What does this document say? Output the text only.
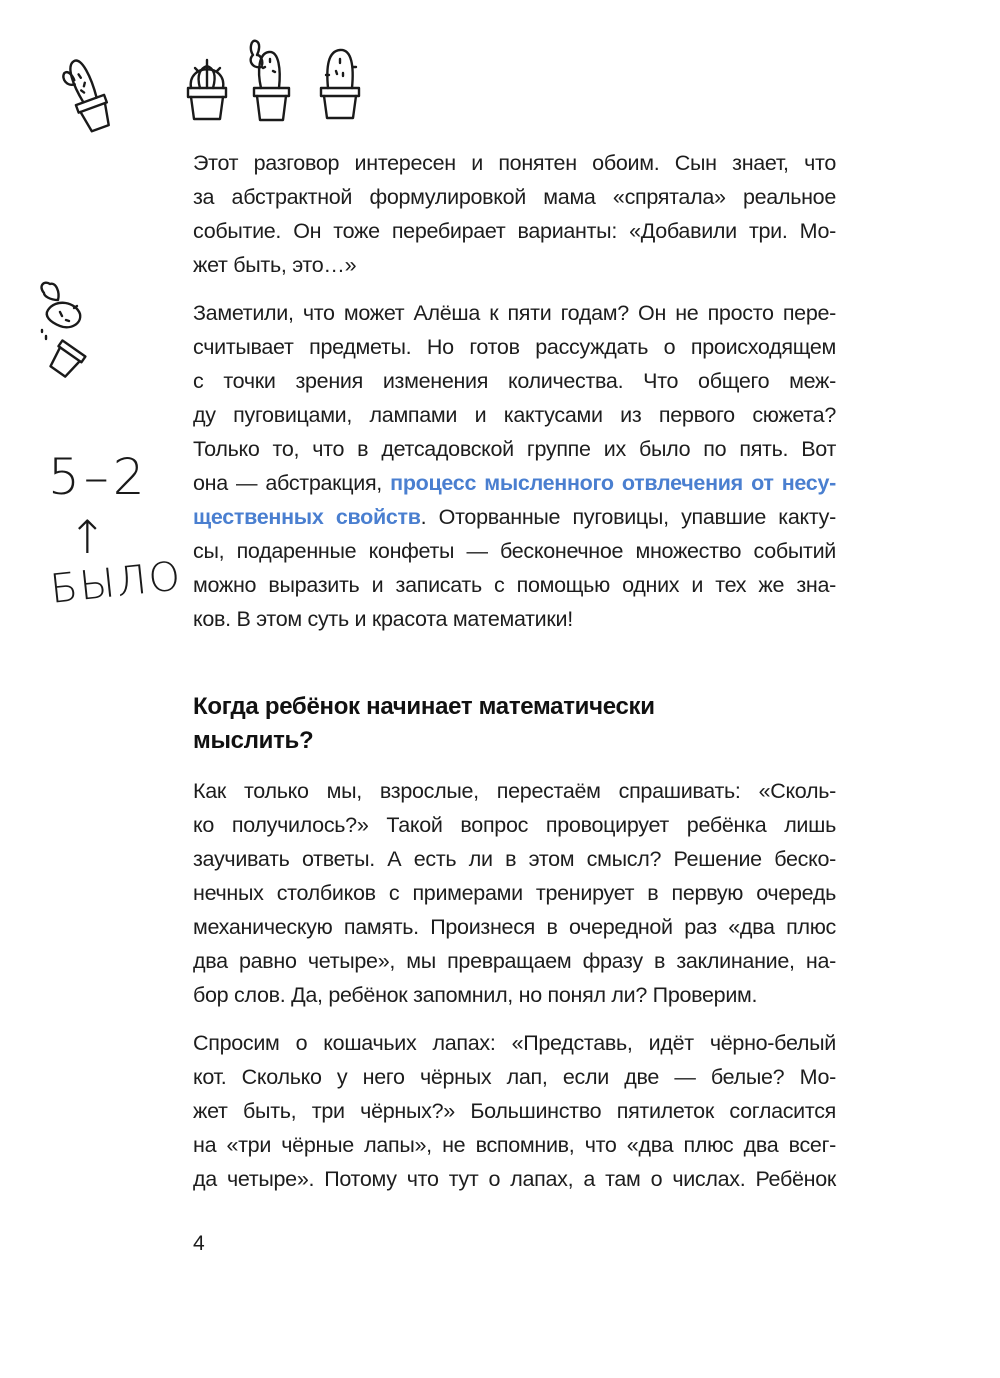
5–2
↑
БЫЛО

Этот разговор интересен и понятен обоим. Сын знает, что
за абстрактной формулировкой мама «спрятала» реальное
событие. Он тоже перебирает варианты: «Добавили три. Мо-
жет быть, это…»

Заметили, что может Алёша к пяти годам? Он не просто пере-
считывает предметы. Но готов рассуждать о происходящем
с точки зрения изменения количества. Что общего меж-
ду пуговицами, лампами и кактусами из первого сюжета?
Только то, что в детсадовской группе их было по пять. Вот
она — абстракция, процесс мысленного отвлечения от несу-
щественных свойств. Оторванные пуговицы, упавшие какту-
сы, подаренные конфеты — бесконечное множество событий
можно выразить и записать с помощью одних и тех же зна-
ков. В этом суть и красота математики!

Когда ребёнок начинает математически
мыслить?

Как только мы, взрослые, перестаём спрашивать: «Сколь-
ко получилось?» Такой вопрос провоцирует ребёнка лишь
заучивать ответы. А есть ли в этом смысл? Решение беско-
нечных столбиков с примерами тренирует в первую очередь
механическую память. Произнеся в очередной раз «два плюс
два равно четыре», мы превращаем фразу в заклинание, на-
бор слов. Да, ребёнок запомнил, но понял ли? Проверим.

Спросим о кошачьих лапах: «Представь, идёт чёрно-белый
кот. Сколько у него чёрных лап, если две — белые? Мо-
жет быть, три чёрных?» Большинство пятилеток согласится
на «три чёрные лапы», не вспомнив, что «два плюс два всег-
да четыре». Потому что тут о лапах, а там о числах. Ребёнок

4
